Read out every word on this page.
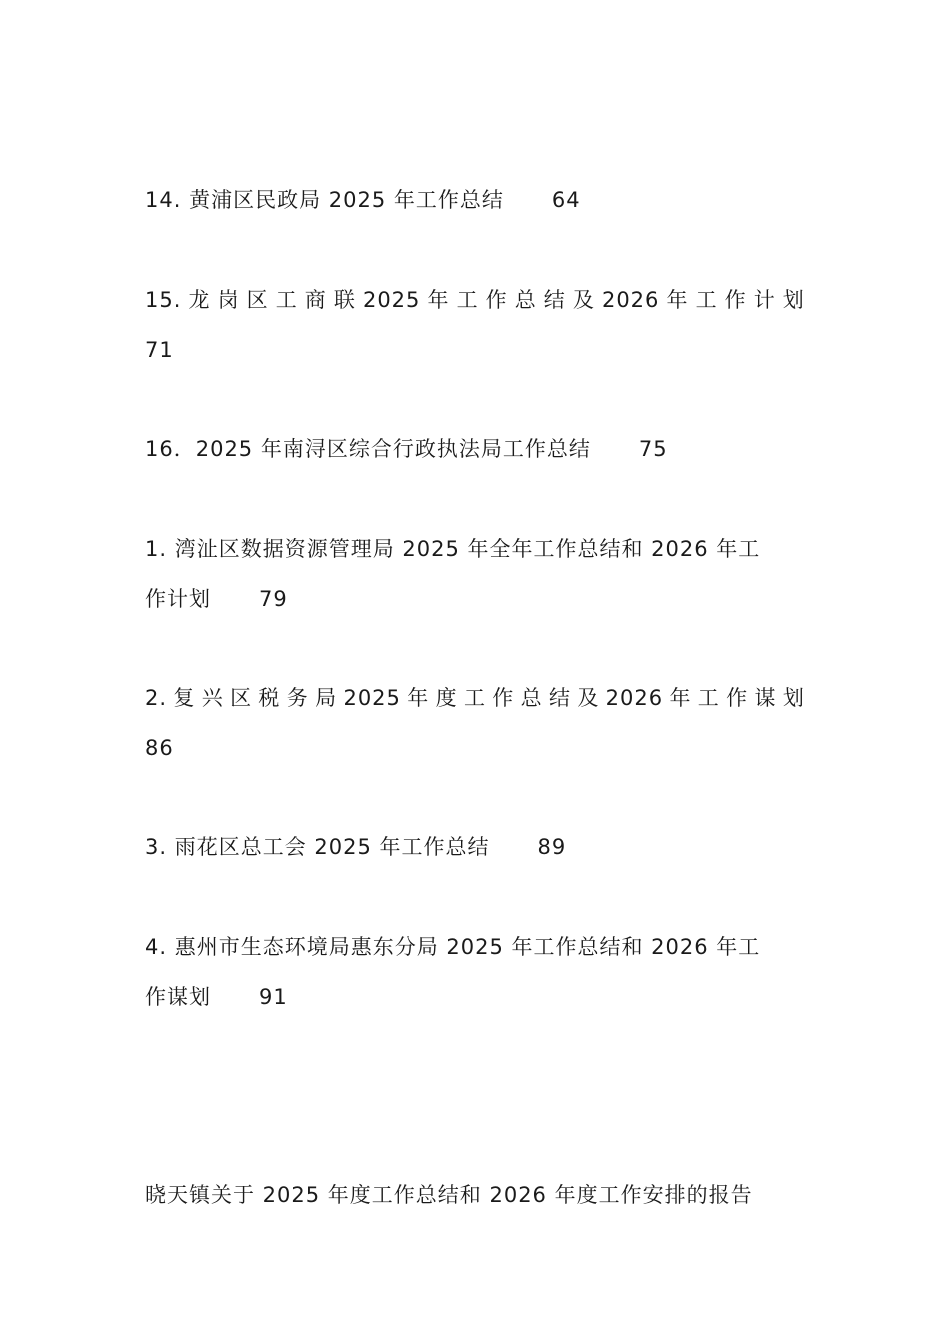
14. 黄浦区民政局 2025 年工作总结 64
15. 龙 岗 区 工 商 联 2025 年 工 作 总 结 及 2026 年 工 作 计 划
71
16．2025 年南浔区综合行政执法局工作总结 75
1. 湾沚区数据资源管理局 2025 年全年工作总结和 2026 年工
作计划 79
2. 复 兴 区 税 务 局 2025 年 度 工 作 总 结 及 2026 年 工 作 谋 划
86
3. 雨花区总工会 2025 年工作总结 89
4. 惠州市生态环境局惠东分局 2025 年工作总结和 2026 年工
作谋划 91
晓天镇关于 2025 年度工作总结和 2026 年度工作安排的报告
